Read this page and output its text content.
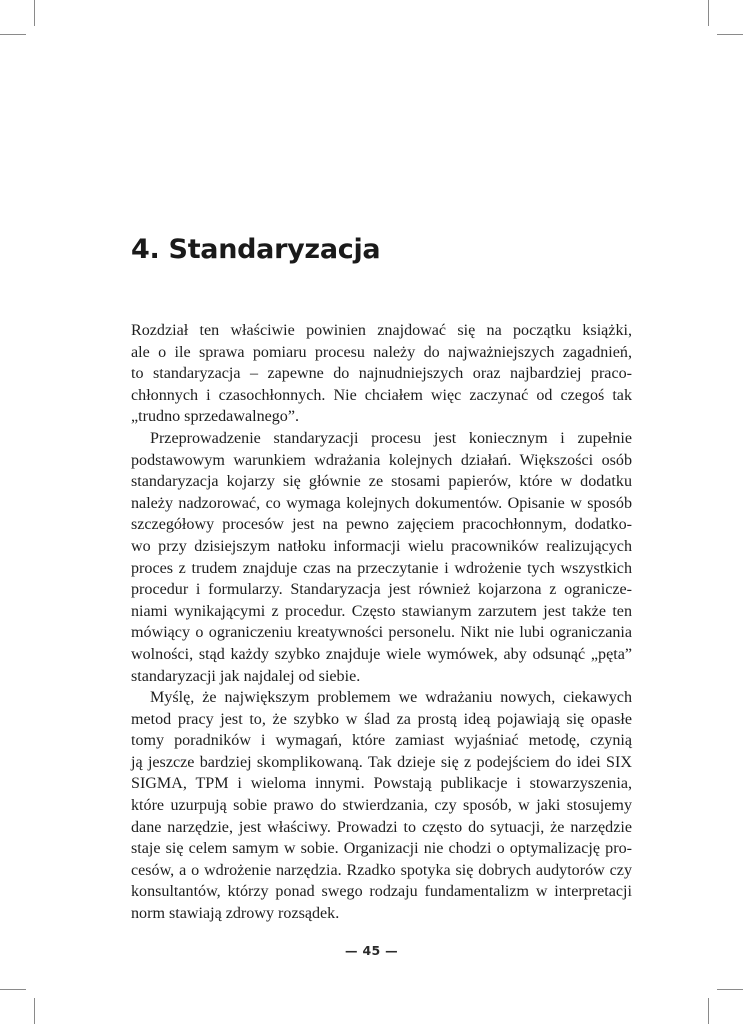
4. Standaryzacja

Rozdział ten właściwie powinien znajdować się na początku książki,
ale o ile sprawa pomiaru procesu należy do najważniejszych zagadnień,
to standaryzacja – zapewne do najnudniejszych oraz najbardziej praco-
chłonnych i czasochłonnych. Nie chciałem więc zaczynać od czegoś tak
„trudno sprzedawalnego”.

Przeprowadzenie standaryzacji procesu jest koniecznym i zupełnie
podstawowym warunkiem wdrażania kolejnych działań. Większości osób
standaryzacja kojarzy się głównie ze stosami papierów, które w dodatku
należy nadzorować, co wymaga kolejnych dokumentów. Opisanie w sposób
szczegółowy procesów jest na pewno zajęciem pracochłonnym, dodatko-
wo przy dzisiejszym natłoku informacji wielu pracowników realizujących
proces z trudem znajduje czas na przeczytanie i wdrożenie tych wszystkich
procedur i formularzy. Standaryzacja jest również kojarzona z ogranicze-
niami wynikającymi z procedur. Często stawianym zarzutem jest także ten
mówiący o ograniczeniu kreatywności personelu. Nikt nie lubi ograniczania
wolności, stąd każdy szybko znajduje wiele wymówek, aby odsunąć „pęta”
standaryzacji jak najdalej od siebie.

Myślę, że największym problemem we wdrażaniu nowych, ciekawych
metod pracy jest to, że szybko w ślad za prostą ideą pojawiają się opasłe
tomy poradników i wymagań, które zamiast wyjaśniać metodę, czynią
ją jeszcze bardziej skomplikowaną. Tak dzieje się z podejściem do idei SIX
SIGMA, TPM i wieloma innymi. Powstają publikacje i stowarzyszenia,
które uzurpują sobie prawo do stwierdzania, czy sposób, w jaki stosujemy
dane narzędzie, jest właściwy. Prowadzi to często do sytuacji, że narzędzie
staje się celem samym w sobie. Organizacji nie chodzi o optymalizację pro-
cesów, a o wdrożenie narzędzia. Rzadko spotyka się dobrych audytorów czy
konsultantów, którzy ponad swego rodzaju fundamentalizm w interpretacji
norm stawiają zdrowy rozsądek.

— 45 —
